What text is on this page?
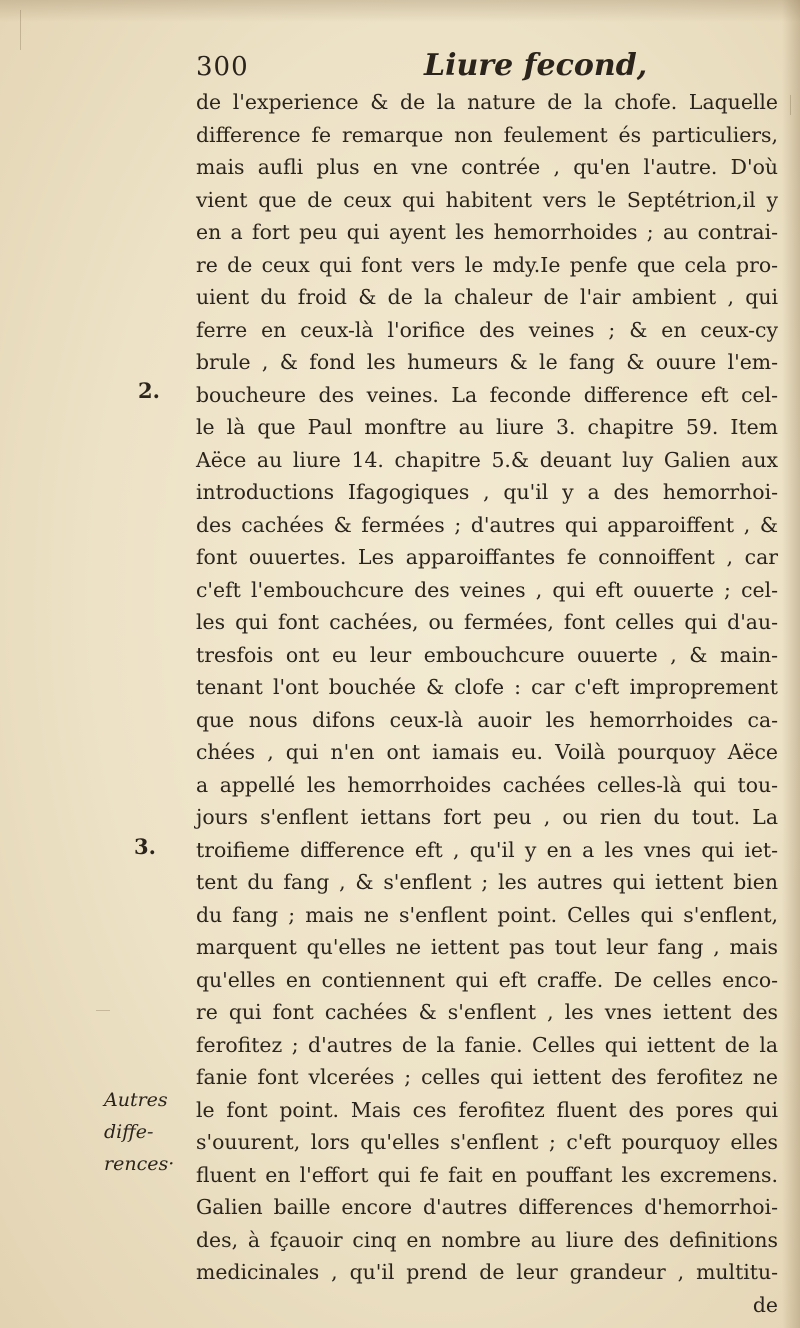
300	Liure fecond,
2.
3.
Autres
diffe-
rences·
de l'experience & de la nature de la chofe. Laquelle
difference fe remarque non feulement és particuliers,
mais aufli plus en vne contrée , qu'en l'autre. D'où
vient que de ceux qui habitent vers le Septétrion,il y
en a fort peu qui ayent les hemorrhoides ; au contrai-
re de ceux qui font vers le mdy.Ie penfe que cela pro-
uient du froid & de la chaleur de l'air ambient , qui
ferre en ceux-là l'orifice des veines ; & en ceux-cy
brule , & fond les humeurs & le fang & ouure l'em-
boucheure des veines. La feconde difference eft cel-
le là que Paul monftre au liure 3. chapitre 59. Item
Aëce au liure 14. chapitre 5.& deuant luy Galien aux
introductions Ifagogiques , qu'il y a des hemorrhoi-
des cachées & fermées ; d'autres qui apparoiffent , &
font ouuertes. Les apparoiffantes fe connoiffent , car
c'eft l'embouchcure des veines , qui eft ouuerte ; cel-
les qui font cachées, ou fermées, font celles qui d'au-
tresfois ont eu leur embouchcure ouuerte , & main-
tenant l'ont bouchée & clofe : car c'eft improprement
que nous difons ceux-là auoir les hemorrhoides ca-
chées , qui n'en ont iamais eu. Voilà pourquoy Aëce
a appellé les hemorrhoides cachées celles-là qui tou-
jours s'enflent iettans fort peu , ou rien du tout. La
troifieme difference eft , qu'il y en a les vnes qui iet-
tent du fang , & s'enflent ; les autres qui iettent bien
du fang ; mais ne s'enflent point. Celles qui s'enflent,
marquent qu'elles ne iettent pas tout leur fang , mais
qu'elles en contiennent qui eft craffe. De celles enco-
re qui font cachées & s'enflent , les vnes iettent des
ferofitez ; d'autres de la fanie. Celles qui iettent de la
fanie font vlcerées ; celles qui iettent des ferofitez ne
le font point. Mais ces ferofitez fluent des pores qui
s'ouurent, lors qu'elles s'enflent ; c'eft pourquoy elles
fluent en l'effort qui fe fait en pouffant les excremens.
Galien baille encore d'autres differences d'hemorrhoi-
des, à fçauoir cinq en nombre au liure des definitions
medicinales , qu'il prend de leur grandeur , multitu-
de
